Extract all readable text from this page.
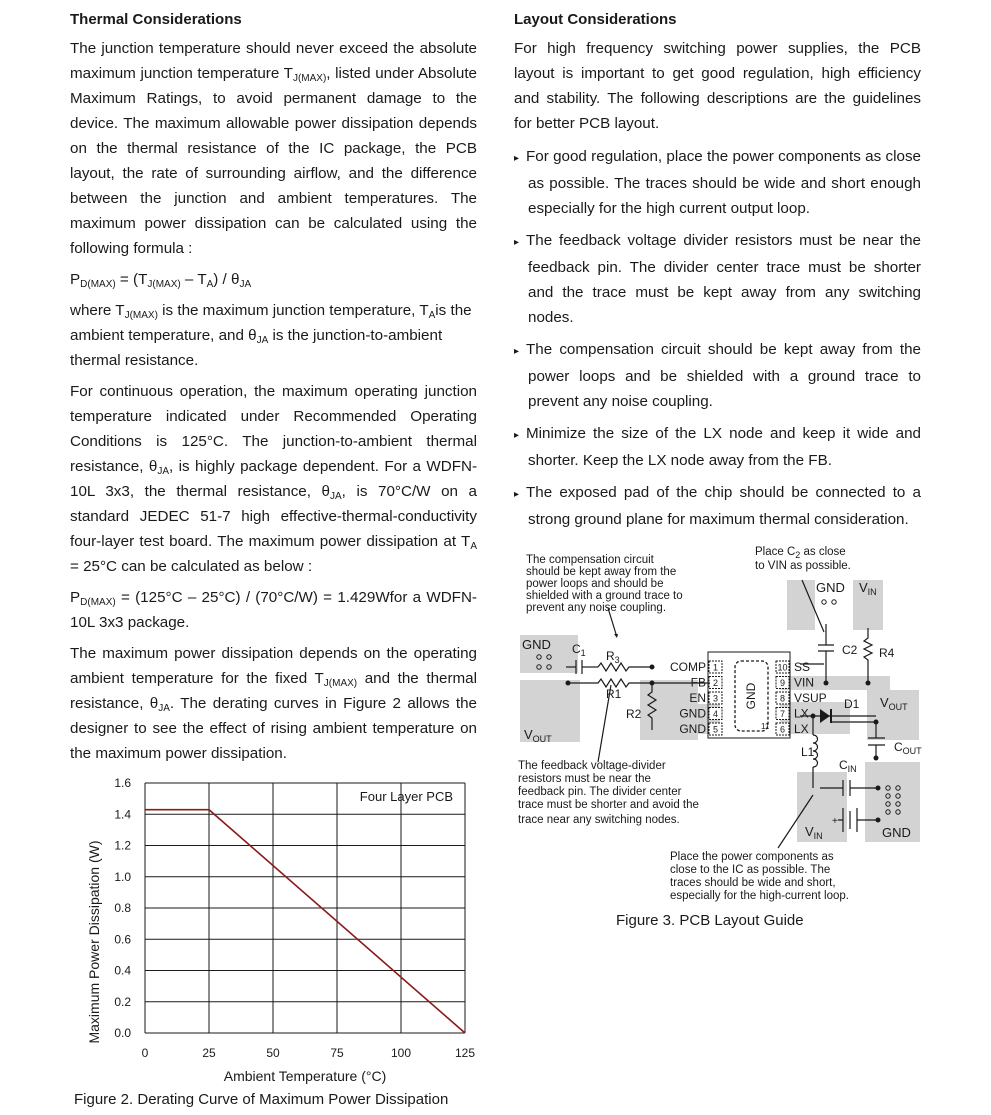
Thermal Considerations

The junction temperature should never exceed the absolute maximum junction temperature $T_{J(MAX)}$, listed under Absolute Maximum Ratings, to avoid permanent damage to the device. The maximum allowable power dissipation depends on the thermal resistance of the IC package, the PCB layout, the rate of surrounding airflow, and the difference between the junction and ambient temperatures. The maximum power dissipation can be calculated using the following formula :

$P_{D(MAX)} = (T_{J(MAX)} - T_A) / \theta_{JA}$

where $T_{J(MAX)}$ is the maximum junction temperature, $T_Ais$ the ambient temperature, and $\theta_{JA}$ is the junction-to-ambient thermal resistance.

For continuous operation, the maximum operating junction temperature indicated under Recommended Operating Conditions is 125°C. The junction-to-ambient thermal resistance, $\theta_{JA}$, is highly package dependent. For a WDFN-10L 3x3, the thermal resistance, $\theta_{JA}$, is 70°C/W on a standard JEDEC 51-7 high effective-thermal-conductivity four-layer test board. The maximum power dissipation at $T_A = 25^\circ C$ can be calculated as below :

$P_{D(MAX)} = (125^\circ C - 25^\circ C) / (70^\circ C/W)$ = 1.429Wfor a WDFN-10L 3x3 package.

The maximum power dissipation depends on the operating ambient temperature for the fixed $T_{J(MAX)}$ and the thermal resistance, $\theta_{JA}$. The derating curves in Figure 2 allows the designer to see the effect of rising ambient temperature on the maximum power dissipation.

0.0
0.2
0.4
0.6
0.8
1.0
1.2
1.4
1.6
0	25	50	75	100	125
Four Layer PCB
Ambient Temperature (°C)
Maximum Power Dissipation (W)
Figure 2. Derating Curve of Maximum Power Dissipation
Layout Considerations

For high frequency switching power supplies, the PCB layout is important to get good regulation, high efficiency and stability. The following descriptions are the guidelines for better PCB layout.

▸ For good regulation, place the power components as close as possible. The traces should be wide and short enough especially for the high current output loop.
▸ The feedback voltage divider resistors must be near the feedback pin. The divider center trace must be shorter and the trace must be kept away from any switching nodes.
▸ The compensation circuit should be kept away from the power loops and be shielded with a ground trace to prevent any noise coupling.
▸ Minimize the size of the LX node and keep it wide and shorter. Keep the LX node away from the FB.
▸ The exposed pad of the chip should be connected to a strong ground plane for maximum thermal consideration.
GND
11
1
COMP
2
FB
3
EN
4
GND
5
GND
10 SS
9 VIN
8 VSUP
7 LX
6 LX
$C_1$ $R_3$
R1
R2
C2 R4
D1
L1
$C_{IN}$
$C_{OUT}$
+
GND
$V_{OUT}$
GND $V_{IN}$
$V_{OUT}$
$V_{IN}$	GND
The compensation circuit
should be kept away from the
power loops and should be
shielded with a ground trace to
prevent any noise coupling.
Place $C_2$ as close
to VIN as possible.
The feedback voltage-divider
resistors must be near the
feedback pin. The divider center
trace must be shorter and avoid the
trace near any switching nodes.
Place the power components as
close to the IC as possible. The
traces should be wide and short,
especially for the high-current loop.
Figure 3. PCB Layout Guide
